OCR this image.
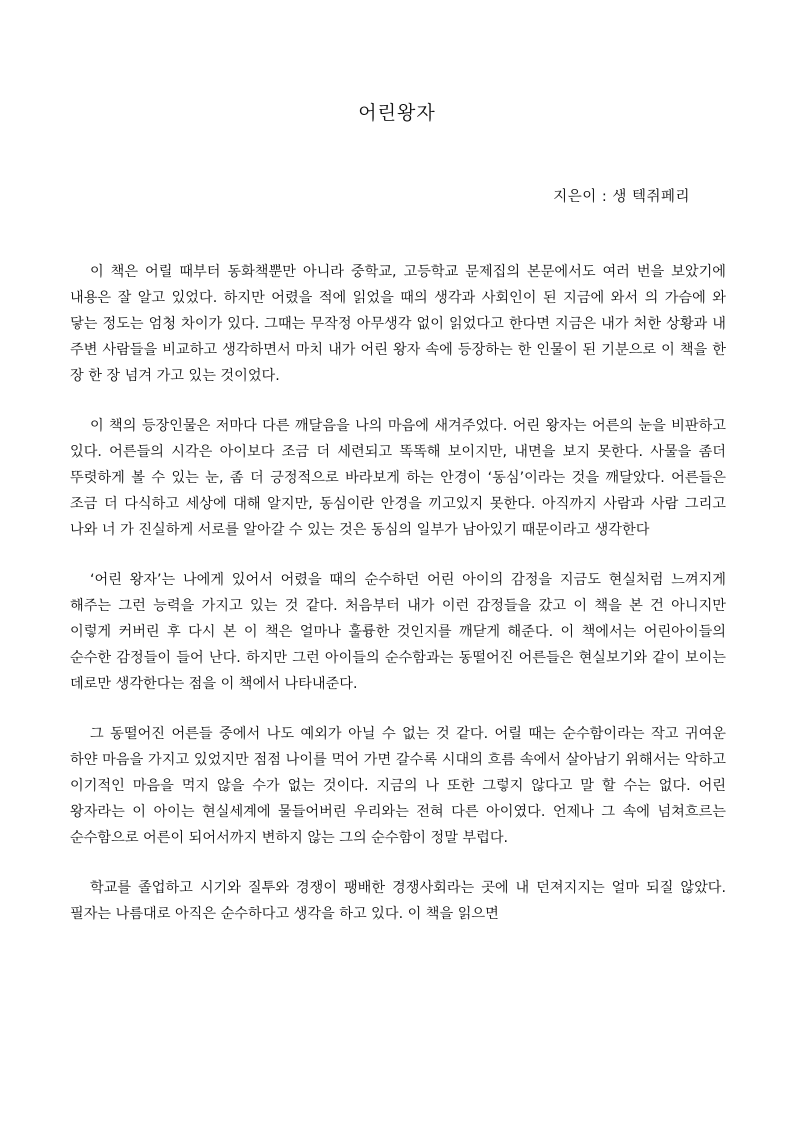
어린왕자
지은이 : 생 텍쥐페리

이 책은 어릴 때부터 동화책뿐만 아니라 중학교, 고등학교 문제집의 본문에서도 여러 번을 보았기에 내용은 잘 알고 있었다. 하지만 어렸을 적에 읽었을 때의 생각과 사회인이 된 지금에 와서 의 가슴에 와 닿는 정도는 엄청 차이가 있다. 그때는 무작정 아무생각 없이 읽었다고 한다면 지금은 내가 처한 상황과 내 주변 사람들을 비교하고 생각하면서 마치 내가 어린 왕자 속에 등장하는 한 인물이 된 기분으로 이 책을 한 장 한 장 넘겨 가고 있는 것이었다.

이 책의 등장인물은 저마다 다른 깨달음을 나의 마음에 새겨주었다. 어린 왕자는 어른의 눈을 비판하고 있다. 어른들의 시각은 아이보다 조금 더 세련되고 똑똑해 보이지만, 내면을 보지 못한다. 사물을 좀더 뚜렷하게 볼 수 있는 눈, 좀 더 긍정적으로 바라보게 하는 안경이 ‘동심’이라는 것을 깨달았다. 어른들은 조금 더 다식하고 세상에 대해 알지만, 동심이란 안경을 끼고있지 못한다. 아직까지 사람과 사람 그리고 나와 너 가 진실하게 서로를 알아갈 수 있는 것은 동심의 일부가 남아있기 때문이라고 생각한다

‘어린 왕자’는 나에게 있어서 어렸을 때의 순수하던 어린 아이의 감정을 지금도 현실처럼 느껴지게 해주는 그런 능력을 가지고 있는 것 같다. 처음부터 내가 이런 감정들을 갔고 이 책을 본 건 아니지만 이렇게 커버린 후 다시 본 이 책은 얼마나 훌륭한 것인지를 깨닫게 해준다. 이 책에서는 어린아이들의 순수한 감정들이 들어 난다. 하지만 그런 아이들의 순수함과는 동떨어진 어른들은 현실보기와 같이 보이는 데로만 생각한다는 점을 이 책에서 나타내준다.

그 동떨어진 어른들 중에서 나도 예외가 아닐 수 없는 것 같다. 어릴 때는 순수함이라는 작고 귀여운 하얀 마음을 가지고 있었지만 점점 나이를 먹어 가면 갈수록 시대의 흐름 속에서 살아남기 위해서는 악하고 이기적인 마음을 먹지 않을 수가 없는 것이다. 지금의 나 또한 그렇지 않다고 말 할 수는 없다. 어린 왕자라는 이 아이는 현실세계에 물들어버린 우리와는 전혀 다른 아이였다. 언제나 그 속에 넘쳐흐르는 순수함으로 어른이 되어서까지 변하지 않는 그의 순수함이 정말 부럽다.

학교를 졸업하고 시기와 질투와 경쟁이 팽배한 경쟁사회라는 곳에 내 던져지지는 얼마 되질 않았다. 필자는 나름대로 아직은 순수하다고 생각을 하고 있다. 이 책을 읽으면
